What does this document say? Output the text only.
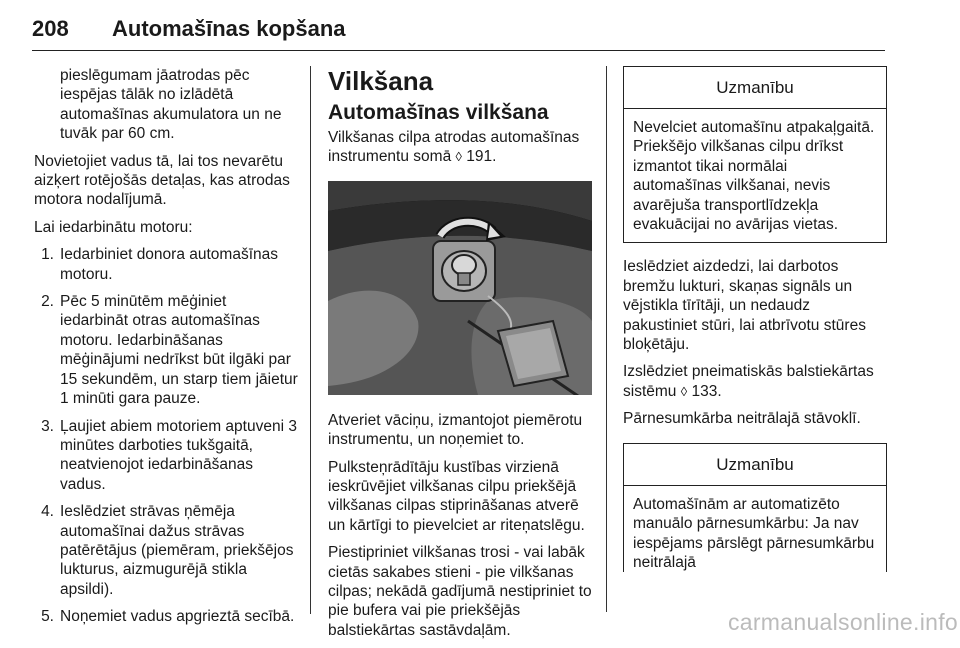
208 Automašīnas kopšana

pieslēgumam jāatrodas pēc iespējas tālāk no izlādētā automašīnas akumulatora un ne tuvāk par 60 cm.

Novietojiet vadus tā, lai tos nevarētu aizķert rotējošās detaļas, kas atrodas motora nodalījumā.

Lai iedarbinātu motoru:

1. Iedarbiniet donora automašīnas motoru.
2. Pēc 5 minūtēm mēģiniet iedarbināt otras automašīnas motoru. Iedarbināšanas mēģinājumi nedrīkst būt ilgāki par 15 sekundēm, un starp tiem jāietur 1 minūti gara pauze.
3. Ļaujiet abiem motoriem aptuveni 3 minūtes darboties tukšgaitā, neatvienojot iedarbināšanas vadus.
4. Ieslēdziet strāvas ņēmēja automašīnai dažus strāvas patērētājus (piemēram, priekšējos lukturus, aizmugurējā stikla apsildi).
5. Noņemiet vadus apgrieztā secībā.
Vilkšana
Automašīnas vilkšana

Vilkšanas cilpa atrodas automašīnas instrumentu somā ◊ 191.

Atveriet vāciņu, izmantojot piemērotu instrumentu, un noņemiet to.

Pulksteņrādītāju kustības virzienā ieskrūvējiet vilkšanas cilpu priekšējā vilkšanas cilpas stiprināšanas atverē un kārtīgi to pievelciet ar riteņatslēgu.

Piestipriniet vilkšanas trosi - vai labāk cietās sakabes stieni - pie vilkšanas cilpas; nekādā gadījumā nestipriniet to pie bufera vai pie priekšējās balstiekārtas sastāvdaļām.

Uzmanību
Nevelciet automašīnu atpakaļgaitā. Priekšējo vilkšanas cilpu drīkst izmantot tikai normālai automašīnas vilkšanai, nevis avarējuša transportlīdzekļa evakuācijai no avārijas vietas.

Ieslēdziet aizdedzi, lai darbotos bremžu lukturi, skaņas signāls un vējstikla tīrītāji, un nedaudz pakustiniet stūri, lai atbrīvotu stūres bloķētāju.

Izslēdziet pneimatiskās balstiekārtas sistēmu ◊ 133.

Pārnesumkārba neitrālajā stāvoklī.

Uzmanību
Automašīnām ar automatizēto manuālo pārnesumkārbu: Ja nav iespējams pārslēgt pārnesumkārbu neitrālajā
carmanualsonline.info
